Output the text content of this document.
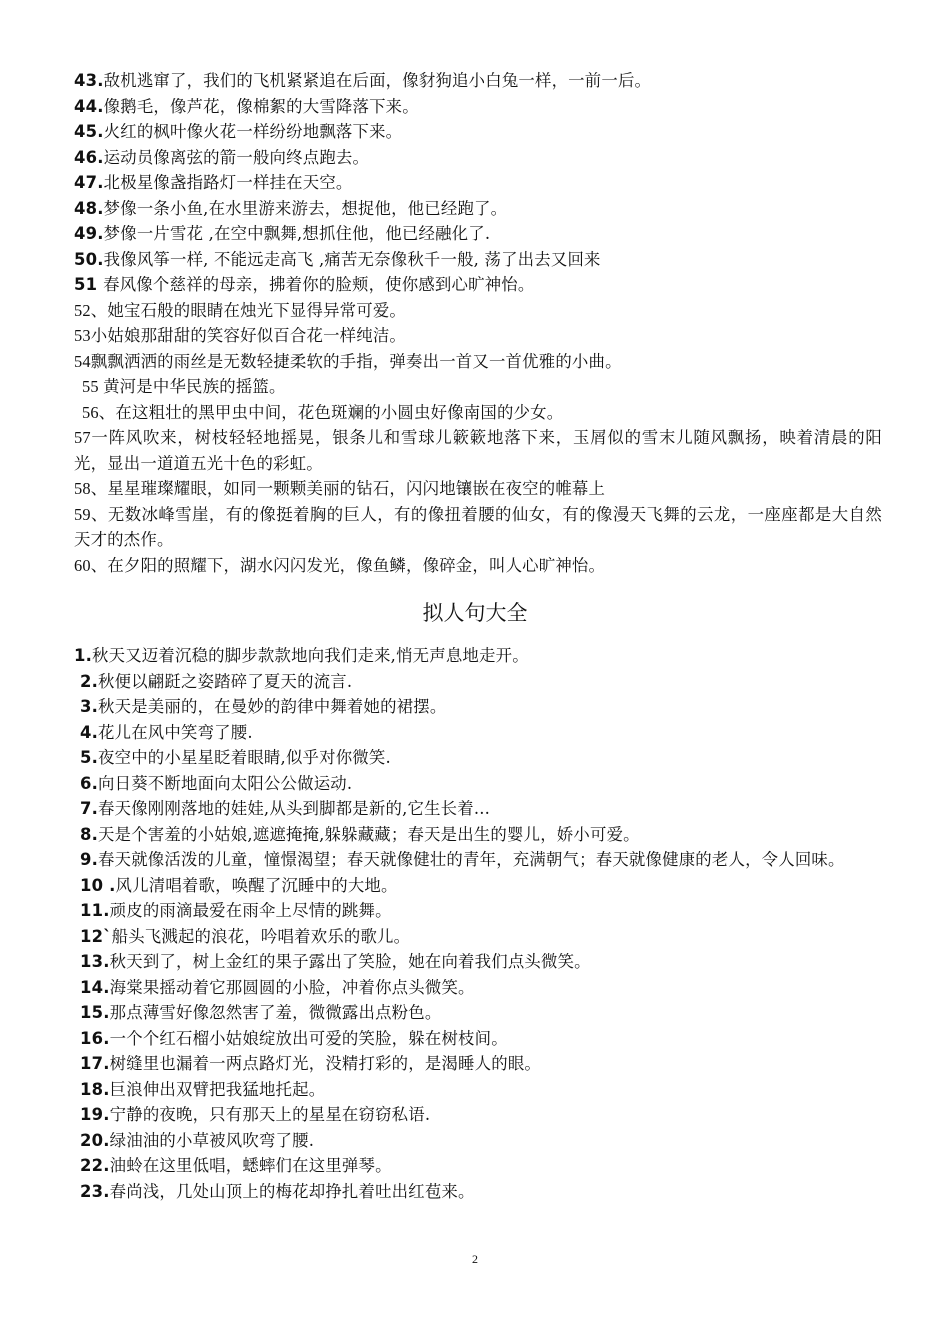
43.敌机逃窜了，我们的飞机紧紧追在后面，像豺狗追小白兔一样，一前一后。
44.像鹅毛，像芦花，像棉絮的大雪降落下来。
45.火红的枫叶像火花一样纷纷地飘落下来。
46.运动员像离弦的箭一般向终点跑去。
47.北极星像盏指路灯一样挂在天空。
48.梦像一条小鱼,在水里游来游去，想捉他，他已经跑了。
49.梦像一片雪花 ,在空中飘舞,想抓住他，他已经融化了.
50.我像风筝一样, 不能远走高飞 ,痛苦无奈像秋千一般, 荡了出去又回来
51 春风像个慈祥的母亲，拂着你的脸颊，使你感到心旷神怡。
52、她宝石般的眼睛在烛光下显得异常可爱。
53小姑娘那甜甜的笑容好似百合花一样纯洁。
54飘飘洒洒的雨丝是无数轻捷柔软的手指，弹奏出一首又一首优雅的小曲。
55 黄河是中华民族的摇篮。
56、在这粗壮的黑甲虫中间，花色斑斓的小圆虫好像南国的少女。
57一阵风吹来，树枝轻轻地摇晃，银条儿和雪球儿簌簌地落下来，玉屑似的雪末儿随风飘扬，映着清晨的阳光，显出一道道五光十色的彩虹。
58、星星璀璨耀眼，如同一颗颗美丽的钻石，闪闪地镶嵌在夜空的帷幕上
59、无数冰峰雪崖，有的像挺着胸的巨人，有的像扭着腰的仙女，有的像漫天飞舞的云龙，一座座都是大自然天才的杰作。
60、在夕阳的照耀下，湖水闪闪发光，像鱼鳞，像碎金，叫人心旷神怡。
拟人句大全
1.秋天又迈着沉稳的脚步款款地向我们走来,悄无声息地走开。
2.秋便以翩跹之姿踏碎了夏天的流言.
3.秋天是美丽的，在曼妙的韵律中舞着她的裙摆。
4.花儿在风中笑弯了腰.
5.夜空中的小星星眨着眼睛,似乎对你微笑.
6.向日葵不断地面向太阳公公做运动.
7.春天像刚刚落地的娃娃,从头到脚都是新的,它生长着...
8.天是个害羞的小姑娘,遮遮掩掩,躲躲藏藏；春天是出生的婴儿，娇小可爱。
9.春天就像活泼的儿童，憧憬渴望；春天就像健壮的青年，充满朝气；春天就像健康的老人，令人回味。
10 .风儿清唱着歌，唤醒了沉睡中的大地。
11.顽皮的雨滴最爱在雨伞上尽情的跳舞。
12`船头飞溅起的浪花，吟唱着欢乐的歌儿。
13.秋天到了，树上金红的果子露出了笑脸，她在向着我们点头微笑。
14.海棠果摇动着它那圆圆的小脸，冲着你点头微笑。
15.那点薄雪好像忽然害了羞，微微露出点粉色。
16.一个个红石榴小姑娘绽放出可爱的笑脸，躲在树枝间。
17.树缝里也漏着一两点路灯光，没精打彩的，是渴睡人的眼。
18.巨浪伸出双臂把我猛地托起。
19.宁静的夜晚，只有那天上的星星在窃窃私语.
20.绿油油的小草被风吹弯了腰.
22.油蛉在这里低唱，蟋蟀们在这里弹琴。
23.春尚浅，几处山顶上的梅花却挣扎着吐出红苞来。
2
